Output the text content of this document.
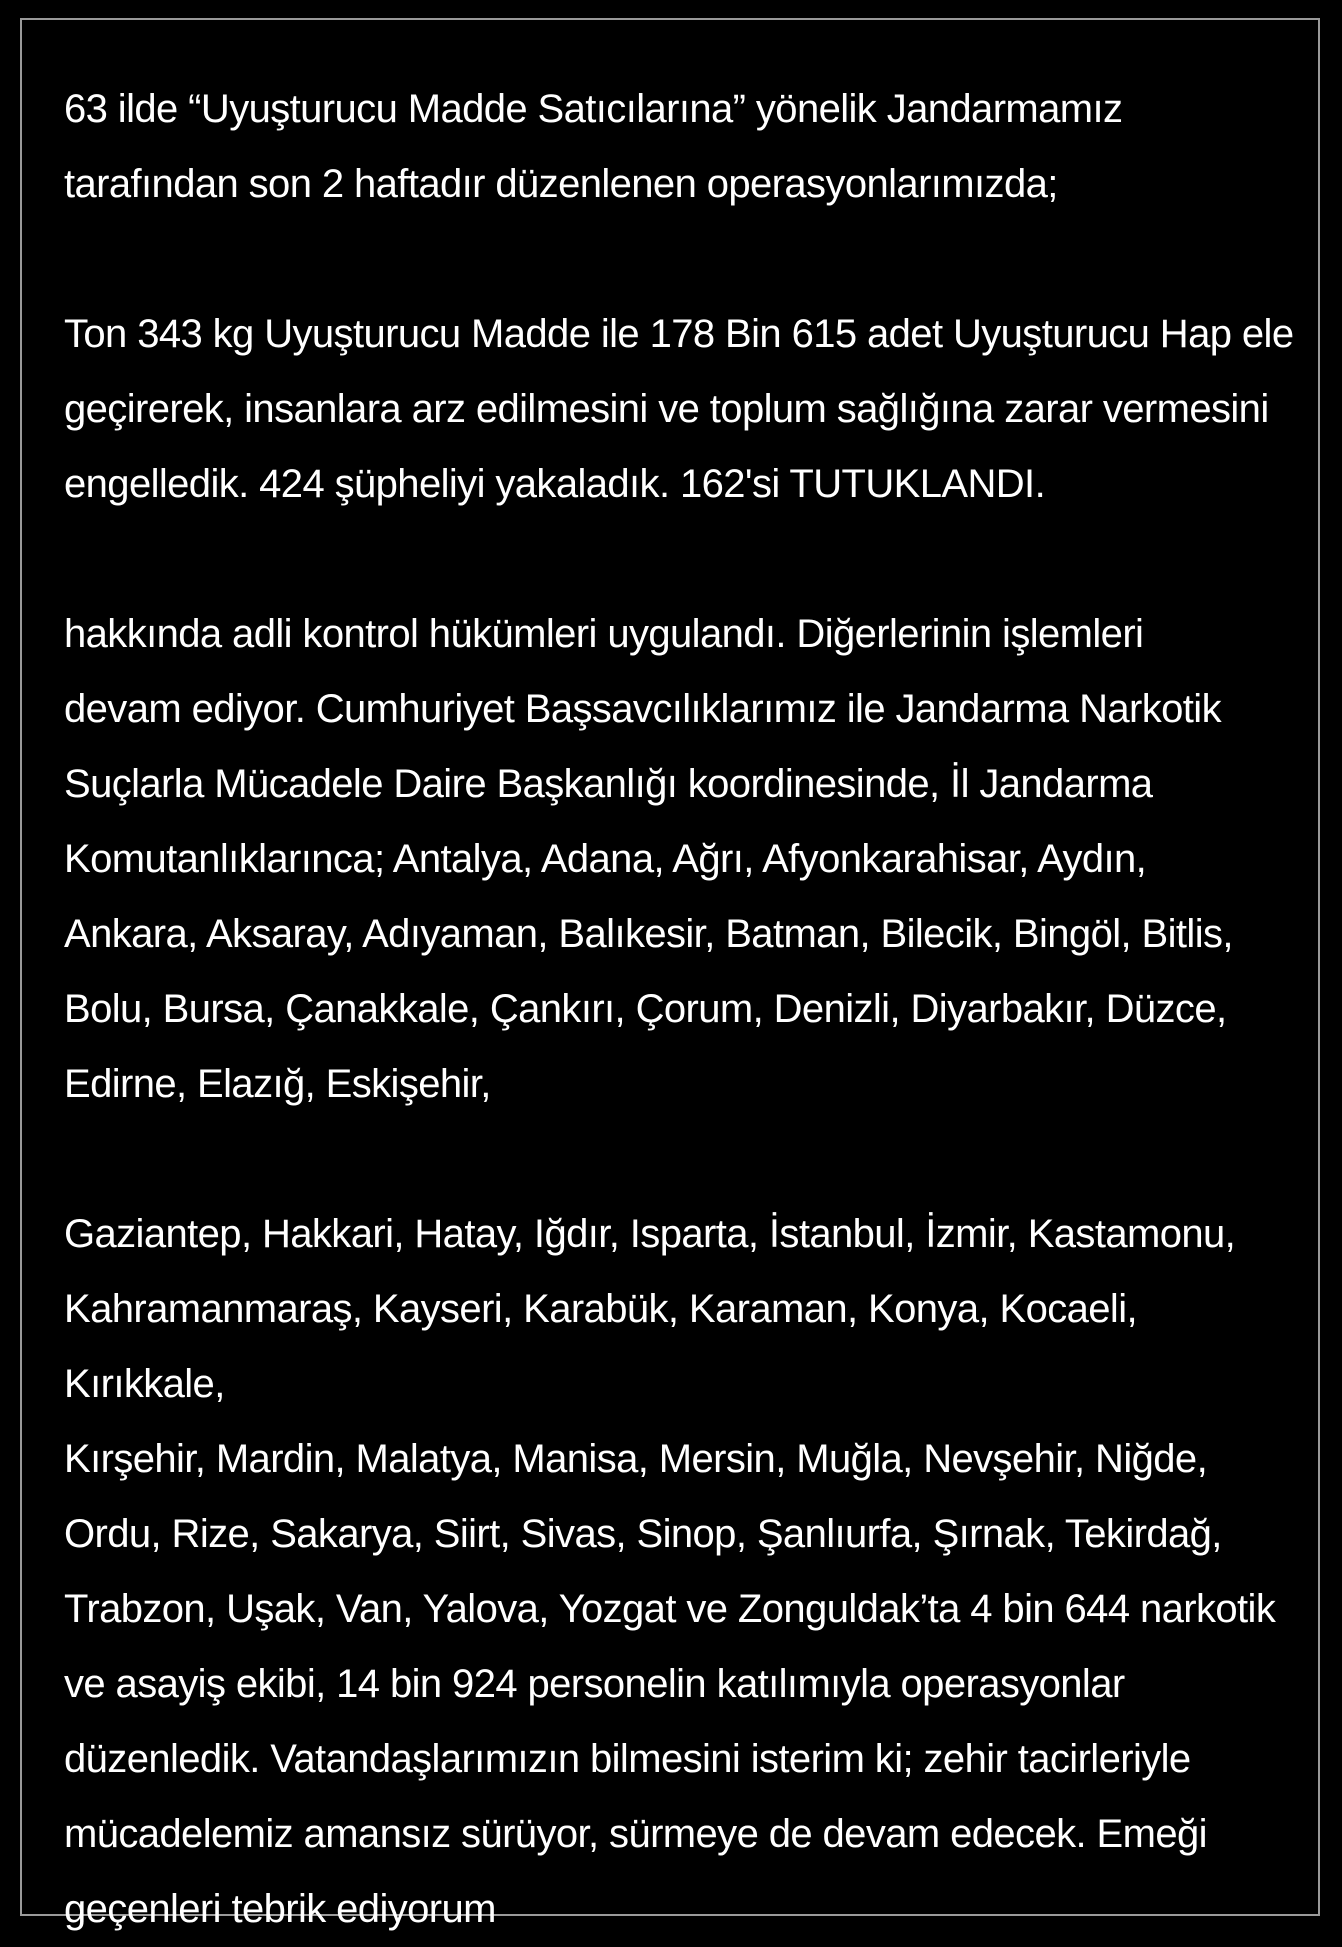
63 ilde “Uyuşturucu Madde Satıcılarına” yönelik Jandarmamız
tarafından son 2 haftadır düzenlenen operasyonlarımızda;

Ton 343 kg Uyuşturucu Madde ile 178 Bin 615 adet Uyuşturucu Hap ele
geçirerek, insanlara arz edilmesini ve toplum sağlığına zarar vermesini
engelledik. 424 şüpheliyi yakaladık. 162'si TUTUKLANDI.

hakkında adli kontrol hükümleri uygulandı. Diğerlerinin işlemleri
devam ediyor. Cumhuriyet Başsavcılıklarımız ile Jandarma Narkotik
Suçlarla Mücadele Daire Başkanlığı koordinesinde, İl Jandarma
Komutanlıklarınca; Antalya, Adana, Ağrı, Afyonkarahisar, Aydın,
Ankara, Aksaray, Adıyaman, Balıkesir, Batman, Bilecik, Bingöl, Bitlis,
Bolu, Bursa, Çanakkale, Çankırı, Çorum, Denizli, Diyarbakır, Düzce,
Edirne, Elazığ, Eskişehir,

Gaziantep, Hakkari, Hatay, Iğdır, Isparta, İstanbul, İzmir, Kastamonu,
Kahramanmaraş, Kayseri, Karabük, Karaman, Konya, Kocaeli, Kırıkkale,
Kırşehir, Mardin, Malatya, Manisa, Mersin, Muğla, Nevşehir, Niğde,
Ordu, Rize, Sakarya, Siirt, Sivas, Sinop, Şanlıurfa, Şırnak, Tekirdağ,
Trabzon, Uşak, Van, Yalova, Yozgat ve Zonguldak’ta 4 bin 644 narkotik
ve asayiş ekibi, 14 bin 924 personelin katılımıyla operasyonlar
düzenledik. Vatandaşlarımızın bilmesini isterim ki; zehir tacirleriyle
mücadelemiz amansız sürüyor, sürmeye de devam edecek. Emeği
geçenleri tebrik ediyorum
